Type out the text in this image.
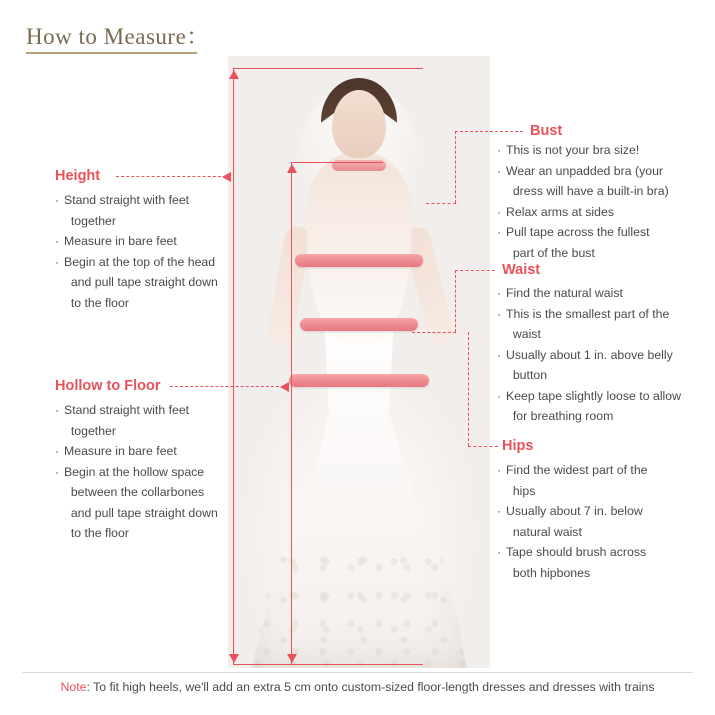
How to Measure：
Height
· Stand straight with feet
together
· Measure in bare feet
· Begin at the top of the head
and pull tape straight down
to the floor
Hollow to Floor
· Stand straight with feet
together
· Measure in bare feet
· Begin at the hollow space
between the collarbones
and pull tape straight down
to the floor
Bust
· This is not your bra size!
· Wear an unpadded bra (your
dress will have a built-in bra)
· Relax arms at sides
· Pull tape across the fullest
part of the bust
Waist
· Find the natural waist
· This is the smallest part of the
waist
· Usually about 1 in. above belly
button
· Keep tape slightly loose to allow
for breathing room
Hips
· Find the widest part of the
hips
· Usually about 7 in. below
natural waist
· Tape should brush across
both hipbones
Note: To fit high heels, we'll add an extra 5 cm onto custom-sized floor-length dresses and dresses with trains
